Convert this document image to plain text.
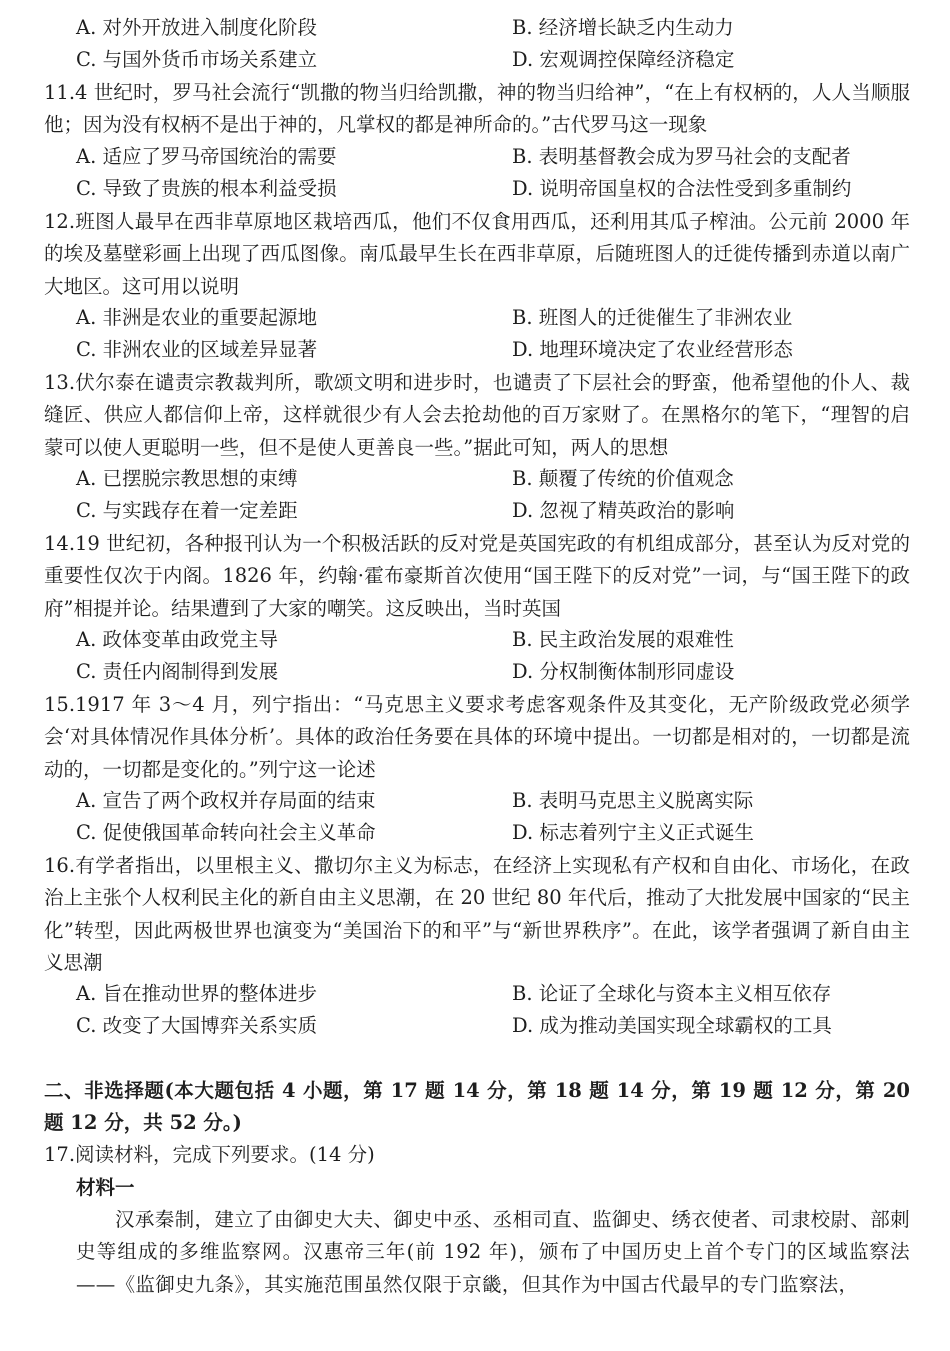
A. 对外开放进入制度化阶段	B. 经济增长缺乏内生动力
C. 与国外货币市场关系建立	D. 宏观调控保障经济稳定
11.4 世纪时，罗马社会流行“凯撒的物当归给凯撒，神的物当归给神”，“在上有权柄的，人人当顺服他；因为没有权柄不是出于神的，凡掌权的都是神所命的。”古代罗马这一现象
A. 适应了罗马帝国统治的需要	B. 表明基督教会成为罗马社会的支配者
C. 导致了贵族的根本利益受损	D. 说明帝国皇权的合法性受到多重制约
12.班图人最早在西非草原地区栽培西瓜，他们不仅食用西瓜，还利用其瓜子榨油。公元前 2000 年的埃及墓壁彩画上出现了西瓜图像。南瓜最早生长在西非草原，后随班图人的迁徙传播到赤道以南广大地区。这可用以说明
A. 非洲是农业的重要起源地	B. 班图人的迁徙催生了非洲农业
C. 非洲农业的区域差异显著	D. 地理环境决定了农业经营形态
13.伏尔泰在谴责宗教裁判所，歌颂文明和进步时，也谴责了下层社会的野蛮，他希望他的仆人、裁缝匠、供应人都信仰上帝，这样就很少有人会去抢劫他的百万家财了。在黑格尔的笔下，“理智的启蒙可以使人更聪明一些，但不是使人更善良一些。”据此可知，两人的思想
A. 已摆脱宗教思想的束缚	B. 颠覆了传统的价值观念
C. 与实践存在着一定差距	D. 忽视了精英政治的影响
14.19 世纪初，各种报刊认为一个积极活跃的反对党是英国宪政的有机组成部分，甚至认为反对党的重要性仅次于内阁。1826 年，约翰·霍布豪斯首次使用“国王陛下的反对党”一词，与“国王陛下的政府”相提并论。结果遭到了大家的嘲笑。这反映出，当时英国
A. 政体变革由政党主导	B. 民主政治发展的艰难性
C. 责任内阁制得到发展	D. 分权制衡体制形同虚设
15.1917 年 3～4 月，列宁指出：“马克思主义要求考虑客观条件及其变化，无产阶级政党必须学会‘对具体情况作具体分析’。具体的政治任务要在具体的环境中提出。一切都是相对的，一切都是流动的，一切都是变化的。”列宁这一论述
A. 宣告了两个政权并存局面的结束	B. 表明马克思主义脱离实际
C. 促使俄国革命转向社会主义革命	D. 标志着列宁主义正式诞生
16.有学者指出，以里根主义、撒切尔主义为标志，在经济上实现私有产权和自由化、市场化，在政治上主张个人权利民主化的新自由主义思潮，在 20 世纪 80 年代后，推动了大批发展中国家的“民主化”转型，因此两极世界也演变为“美国治下的和平”与“新世界秩序”。在此，该学者强调了新自由主义思潮
A. 旨在推动世界的整体进步	B. 论证了全球化与资本主义相互依存
C. 改变了大国博弈关系实质	D. 成为推动美国实现全球霸权的工具
二、非选择题(本大题包括 4 小题，第 17 题 14 分，第 18 题 14 分，第 19 题 12 分，第 20 题 12 分，共 52 分。)
17.阅读材料，完成下列要求。(14 分)
材料一
汉承秦制，建立了由御史大夫、御史中丞、丞相司直、监御史、绣衣使者、司隶校尉、部刺史等组成的多维监察网。汉惠帝三年(前 192 年)，颁布了中国历史上首个专门的区域监察法——《监御史九条》，其实施范围虽然仅限于京畿，但其作为中国古代最早的专门监察法，
